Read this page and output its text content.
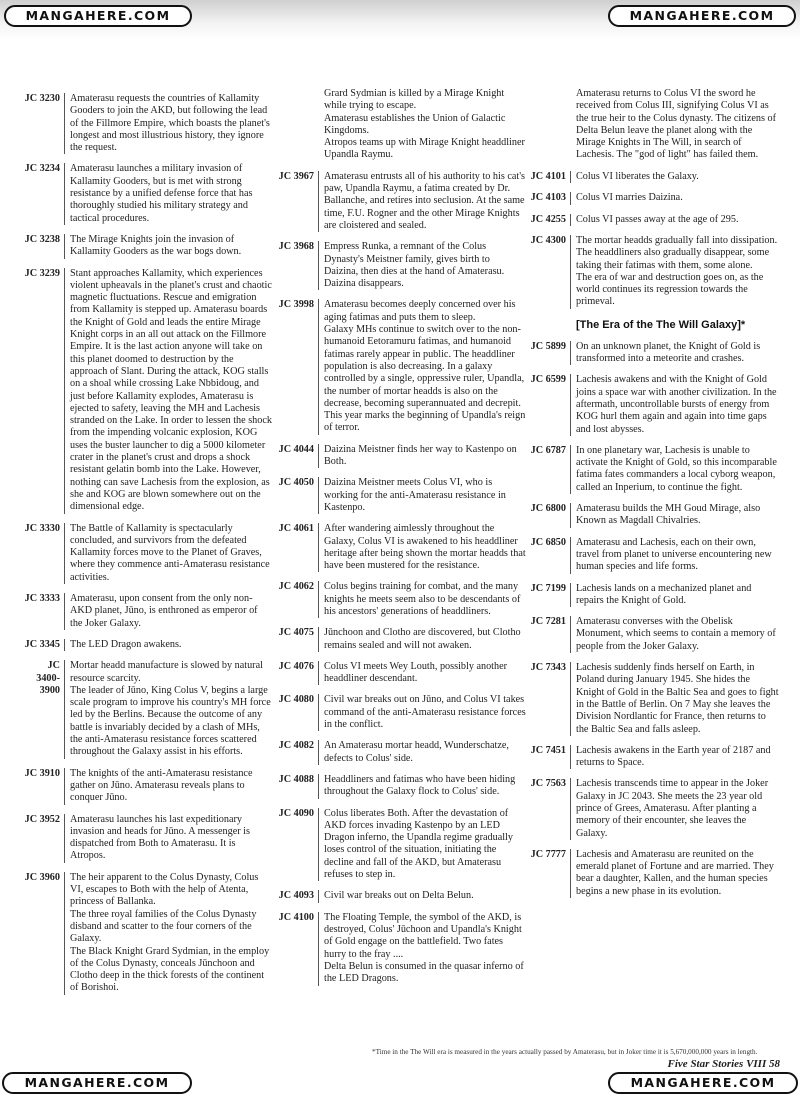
MANGAHERE.COM	MANGAHERE.COM
JC 3230 Amaterasu requests the countries of Kallamity Gooders to join the AKD, but following the lead of the Fillmore Empire, which boasts the planet's longest and most illustrious history, they ignore the request.
JC 3234 Amaterasu launches a military invasion of Kallamity Gooders, but is met with strong resistance by a unified defense force that has thoroughly studied his military strategy and tactical procedures.
JC 3238 The Mirage Knights join the invasion of Kallamity Gooders as the war bogs down.
JC 3239 Stant approaches Kallamity, which experiences violent upheavals in the planet's crust and chaotic magnetic fluctuations. Rescue and emigration from Kallamity is stepped up. Amaterasu boards the Knight of Gold and leads the entire Mirage Knight corps in an all out attack on the Fillmore Empire. It is the last action anyone will take on this planet doomed to destruction by the approach of Slant. During the attack, KOG stalls on a shoal while crossing Lake Nbbidoug, and just before Kallamity explodes, Amaterasu is ejected to safety, leaving the MH and Lachesis stranded on the Lake. In order to lessen the shock from the impending volcanic explosion, KOG uses the buster launcher to dig a 5000 kilometer crater in the planet's crust and drops a shock resistant gelatin bomb into the Lake. However, nothing can save Lachesis from the explosion, as she and KOG are blown somewhere out on the dimensional edge.
JC 3330 The Battle of Kallamity is spectacularly concluded, and survivors from the defeated Kallamity forces move to the Planet of Graves, where they commence anti-Amaterasu resistance activities.
JC 3333 Amaterasu, upon consent from the only non-AKD planet, Jūno, is enthroned as emperor of the Joker Galaxy.
JC 3345 The LED Dragon awakens.
JC 3400-
3900
Mortar headd manufacture is slowed by natural resource scarcity.
The leader of Jūno, King Colus V, begins a large scale program to improve his country's MH force led by the Berlins. Because the outcome of any battle is invariably decided by a clash of MHs, the anti-Amaterasu resistance forces scattered throughout the Galaxy assist in his efforts.
JC 3910 The knights of the anti-Amaterasu resistance gather on Jūno. Amaterasu reveals plans to conquer Jūno.
JC 3952 Amaterasu launches his last expeditionary invasion and heads for Jūno. A messenger is dispatched from Both to Amaterasu. It is Atropos.
JC 3960 The heir apparent to the Colus Dynasty, Colus VI, escapes to Both with the help of Atenta, princess of Ballanka.
The three royal families of the Colus Dynasty disband and scatter to the four corners of the Galaxy.
The Black Knight Grard Sydmian, in the employ of the Colus Dynasty, conceals Jūnchoon and Clotho deep in the thick forests of the continent of Borishoi.
Grard Sydmian is killed by a Mirage Knight while trying to escape.
Amaterasu establishes the Union of Galactic Kingdoms.
Atropos teams up with Mirage Knight headdliner Upandla Raymu.
JC 3967 Amaterasu entrusts all of his authority to his cat's paw, Upandla Raymu, a fatima created by Dr. Ballanche, and retires into seclusion. At the same time, F.U. Rogner and the other Mirage Knights are cloistered and sealed.
JC 3968 Empress Runka, a remnant of the Colus Dynasty's Meistner family, gives birth to Daizina, then dies at the hand of Amaterasu. Daizina disappears.
JC 3998 Amaterasu becomes deeply concerned over his aging fatimas and puts them to sleep.
Galaxy MHs continue to switch over to the non-humanoid Eetoramuru fatimas, and humanoid fatimas rarely appear in public. The headdliner population is also decreasing. In a galaxy controlled by a single, oppressive ruler, Upandla, the number of mortar headds is also on the decrease, becoming superannuated and decrepit.
This year marks the beginning of Upandla's reign of terror.
JC 4044 Daizina Meistner finds her way to Kastenpo on Both.
JC 4050 Daizina Meistner meets Colus VI, who is working for the anti-Amaterasu resistance in Kastenpo.
JC 4061 After wandering aimlessly throughout the Galaxy, Colus VI is awakened to his headdliner heritage after being shown the mortar headds that have been mustered for the resistance.
JC 4062 Colus begins training for combat, and the many knights he meets seem also to be descendants of his ancestors' generations of headdliners.
JC 4075 Jūnchoon and Clotho are discovered, but Clotho remains sealed and will not awaken.
JC 4076 Colus VI meets Wey Louth, possibly another headdliner descendant.
JC 4080 Civil war breaks out on Jūno, and Colus VI takes command of the anti-Amaterasu resistance forces in the conflict.
JC 4082 An Amaterasu mortar headd, Wunderschatze, defects to Colus' side.
JC 4088 Headdliners and fatimas who have been hiding throughout the Galaxy flock to Colus' side.
JC 4090 Colus liberates Both. After the devastation of AKD forces invading Kastenpo by an LED Dragon inferno, the Upandla regime gradually loses control of the situation, initiating the decline and fall of the AKD, but Amaterasu refuses to step in.
JC 4093 Civil war breaks out on Delta Belun.
JC 4100 The Floating Temple, the symbol of the AKD, is destroyed, Colus' Jūchoon and Upandla's Knight of Gold engage on the battlefield. Two fates hurry to the fray ....
Delta Belun is consumed in the quasar inferno of the LED Dragons.
Amaterasu returns to Colus VI the sword he received from Colus III, signifying Colus VI as the true heir to the Colus dynasty. The citizens of Delta Belun leave the planet along with the Mirage Knights in The Will, in search of Lachesis. The "god of light" has failed them.
JC 4101 Colus VI liberates the Galaxy.
JC 4103 Colus VI marries Daizina.
JC 4255 Colus VI passes away at the age of 295.
JC 4300 The mortar headds gradually fall into dissipation. The headdliners also gradually disappear, some taking their fatimas with them, some alone.
The era of war and destruction goes on, as the world continues its regression towards the primeval.
[The Era of the The Will Galaxy]*
JC 5899 On an unknown planet, the Knight of Gold is transformed into a meteorite and crashes.
JC 6599 Lachesis awakens and with the Knight of Gold joins a space war with another civilization. In the aftermath, uncontrollable bursts of energy from KOG hurl them again and again into time gaps and lost abysses.
JC 6787 In one planetary war, Lachesis is unable to activate the Knight of Gold, so this incomparable fatima fates commanders a local cyborg weapon, called an Inperium, to continue the fight.
JC 6800 Amaterasu builds the MH Goud Mirage, also Known as Magdall Chivalries.
JC 6850 Amaterasu and Lachesis, each on their own, travel from planet to universe encountering new human species and life forms.
JC 7199 Lachesis lands on a mechanized planet and repairs the Knight of Gold.
JC 7281 Amaterasu converses with the Obelisk Monument, which seems to contain a memory of people from the Joker Galaxy.
JC 7343 Lachesis suddenly finds herself on Earth, in Poland during January 1945. She hides the Knight of Gold in the Baltic Sea and goes to fight in the Battle of Berlin. On 7 May she leaves the Division Nordlantic for France, then returns to the Baltic Sea and falls asleep.
JC 7451 Lachesis awakens in the Earth year of 2187 and returns to Space.
JC 7563 Lachesis transcends time to appear in the Joker Galaxy in JC 2043. She meets the 23 year old prince of Grees, Amaterasu. After planting a memory of their encounter, she leaves the Galaxy.
JC 7777 Lachesis and Amaterasu are reunited on the emerald planet of Fortune and are married. They bear a daughter, Kallen, and the human species begins a new phase in its evolution.
*Time in the The Will era is measured in the years actually passed by Amaterasu, but in Joker time it is 5,670,000,000 years in length.
Five Star Stories VIII 58
MANGAHERE.COM	MANGAHERE.COM
